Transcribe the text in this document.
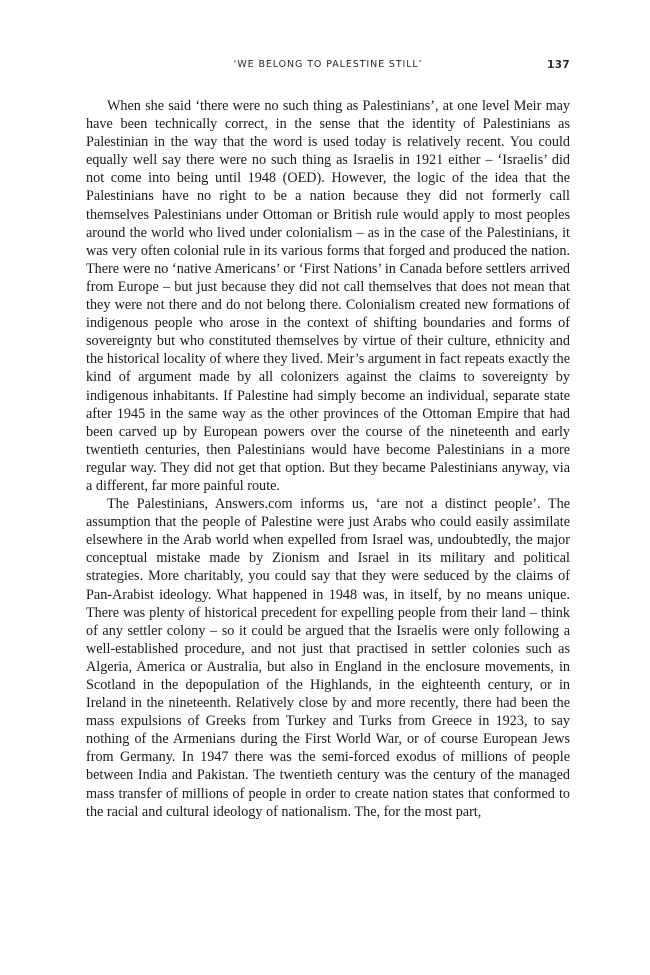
‘WE BELONG TO PALESTINE STILL’	137

When she said ‘there were no such thing as Palestinians’, at one level Meir may have been technically correct, in the sense that the identity of Palestinians as Palestinian in the way that the word is used today is relatively recent. You could equally well say there were no such thing as Israelis in 1921 either – ‘Israelis’ did not come into being until 1948 (OED). However, the logic of the idea that the Palestinians have no right to be a nation because they did not formerly call themselves Palestinians under Ottoman or British rule would apply to most peoples around the world who lived under colonialism – as in the case of the Palestinians, it was very often colonial rule in its various forms that forged and produced the nation. There were no ‘native Americans’ or ‘First Nations’ in Canada before settlers arrived from Europe – but just because they did not call themselves that does not mean that they were not there and do not belong there. Colonialism created new formations of indigenous people who arose in the context of shifting boundaries and forms of sovereignty but who constituted themselves by virtue of their culture, ethnicity and the historical locality of where they lived. Meir’s argument in fact repeats exactly the kind of argument made by all colonizers against the claims to sovereignty by indigenous inhabitants. If Palestine had simply become an individual, separate state after 1945 in the same way as the other provinces of the Ottoman Empire that had been carved up by European powers over the course of the nineteenth and early twentieth centuries, then Palestinians would have become Palestinians in a more regular way. They did not get that option. But they became Palestinians anyway, via a different, far more painful route.

The Palestinians, Answers.com informs us, ‘are not a distinct people’. The assumption that the people of Palestine were just Arabs who could easily assimilate elsewhere in the Arab world when expelled from Israel was, undoubtedly, the major conceptual mistake made by Zionism and Israel in its military and political strategies. More charitably, you could say that they were seduced by the claims of Pan-Arabist ideology. What happened in 1948 was, in itself, by no means unique. There was plenty of historical precedent for expelling people from their land – think of any settler colony – so it could be argued that the Israelis were only following a well-established procedure, and not just that practised in settler colonies such as Algeria, America or Australia, but also in England in the enclosure movements, in Scotland in the depopulation of the Highlands, in the eighteenth century, or in Ireland in the nineteenth. Relatively close by and more recently, there had been the mass expulsions of Greeks from Turkey and Turks from Greece in 1923, to say nothing of the Armenians during the First World War, or of course European Jews from Germany. In 1947 there was the semi-forced exodus of millions of people between India and Pakistan. The twentieth century was the century of the managed mass transfer of millions of people in order to create nation states that conformed to the racial and cultural ideology of nationalism. The, for the most part,
